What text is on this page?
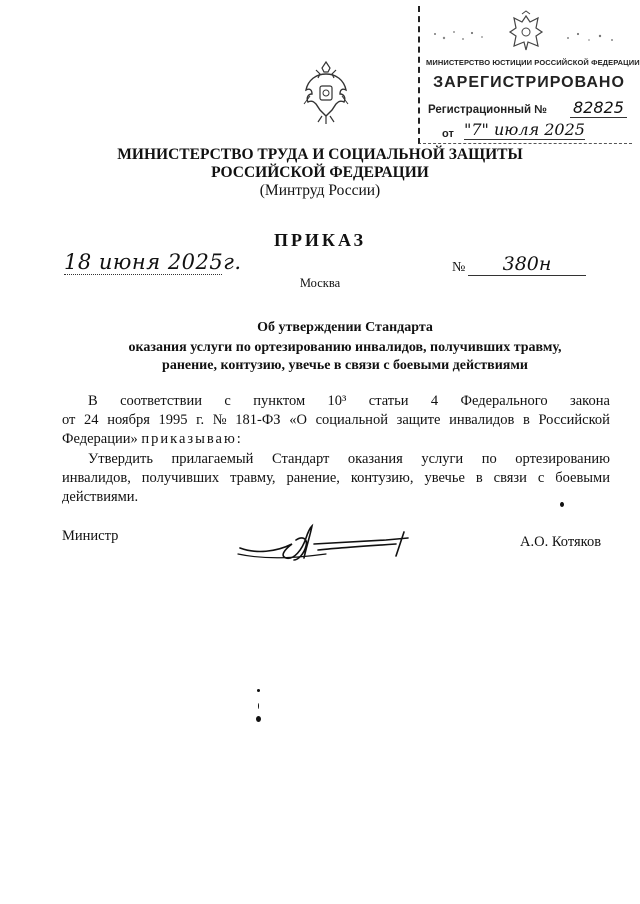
МИНИСТЕРСТВО ЮСТИЦИИ РОССИЙСКОЙ ФЕДЕРАЦИИ
ЗАРЕГИСТРИРОВАНО
Регистрационный № 82825
от "7" июля 2025
МИНИСТЕРСТВО ТРУДА И СОЦИАЛЬНОЙ ЗАЩИТЫ
РОССИЙСКОЙ ФЕДЕРАЦИИ
(Минтруд России)
ПРИКАЗ
18 июня 2025г.	№	380н
Москва
Об утверждении Стандарта
оказания услуги по ортезированию инвалидов, получивших травму,
ранение, контузию, увечье в связи с боевыми действиями
В соответствии с пунктом 10³ статьи 4 Федерального закона
от 24 ноября 1995 г. № 181-ФЗ «О социальной защите инвалидов в Российской
Федерации» приказываю:
Утвердить прилагаемый Стандарт оказания услуги по ортезированию
инвалидов, получивших травму, ранение, контузию, увечье в связи с боевыми
действиями.
Министр	А.О. Котяков
